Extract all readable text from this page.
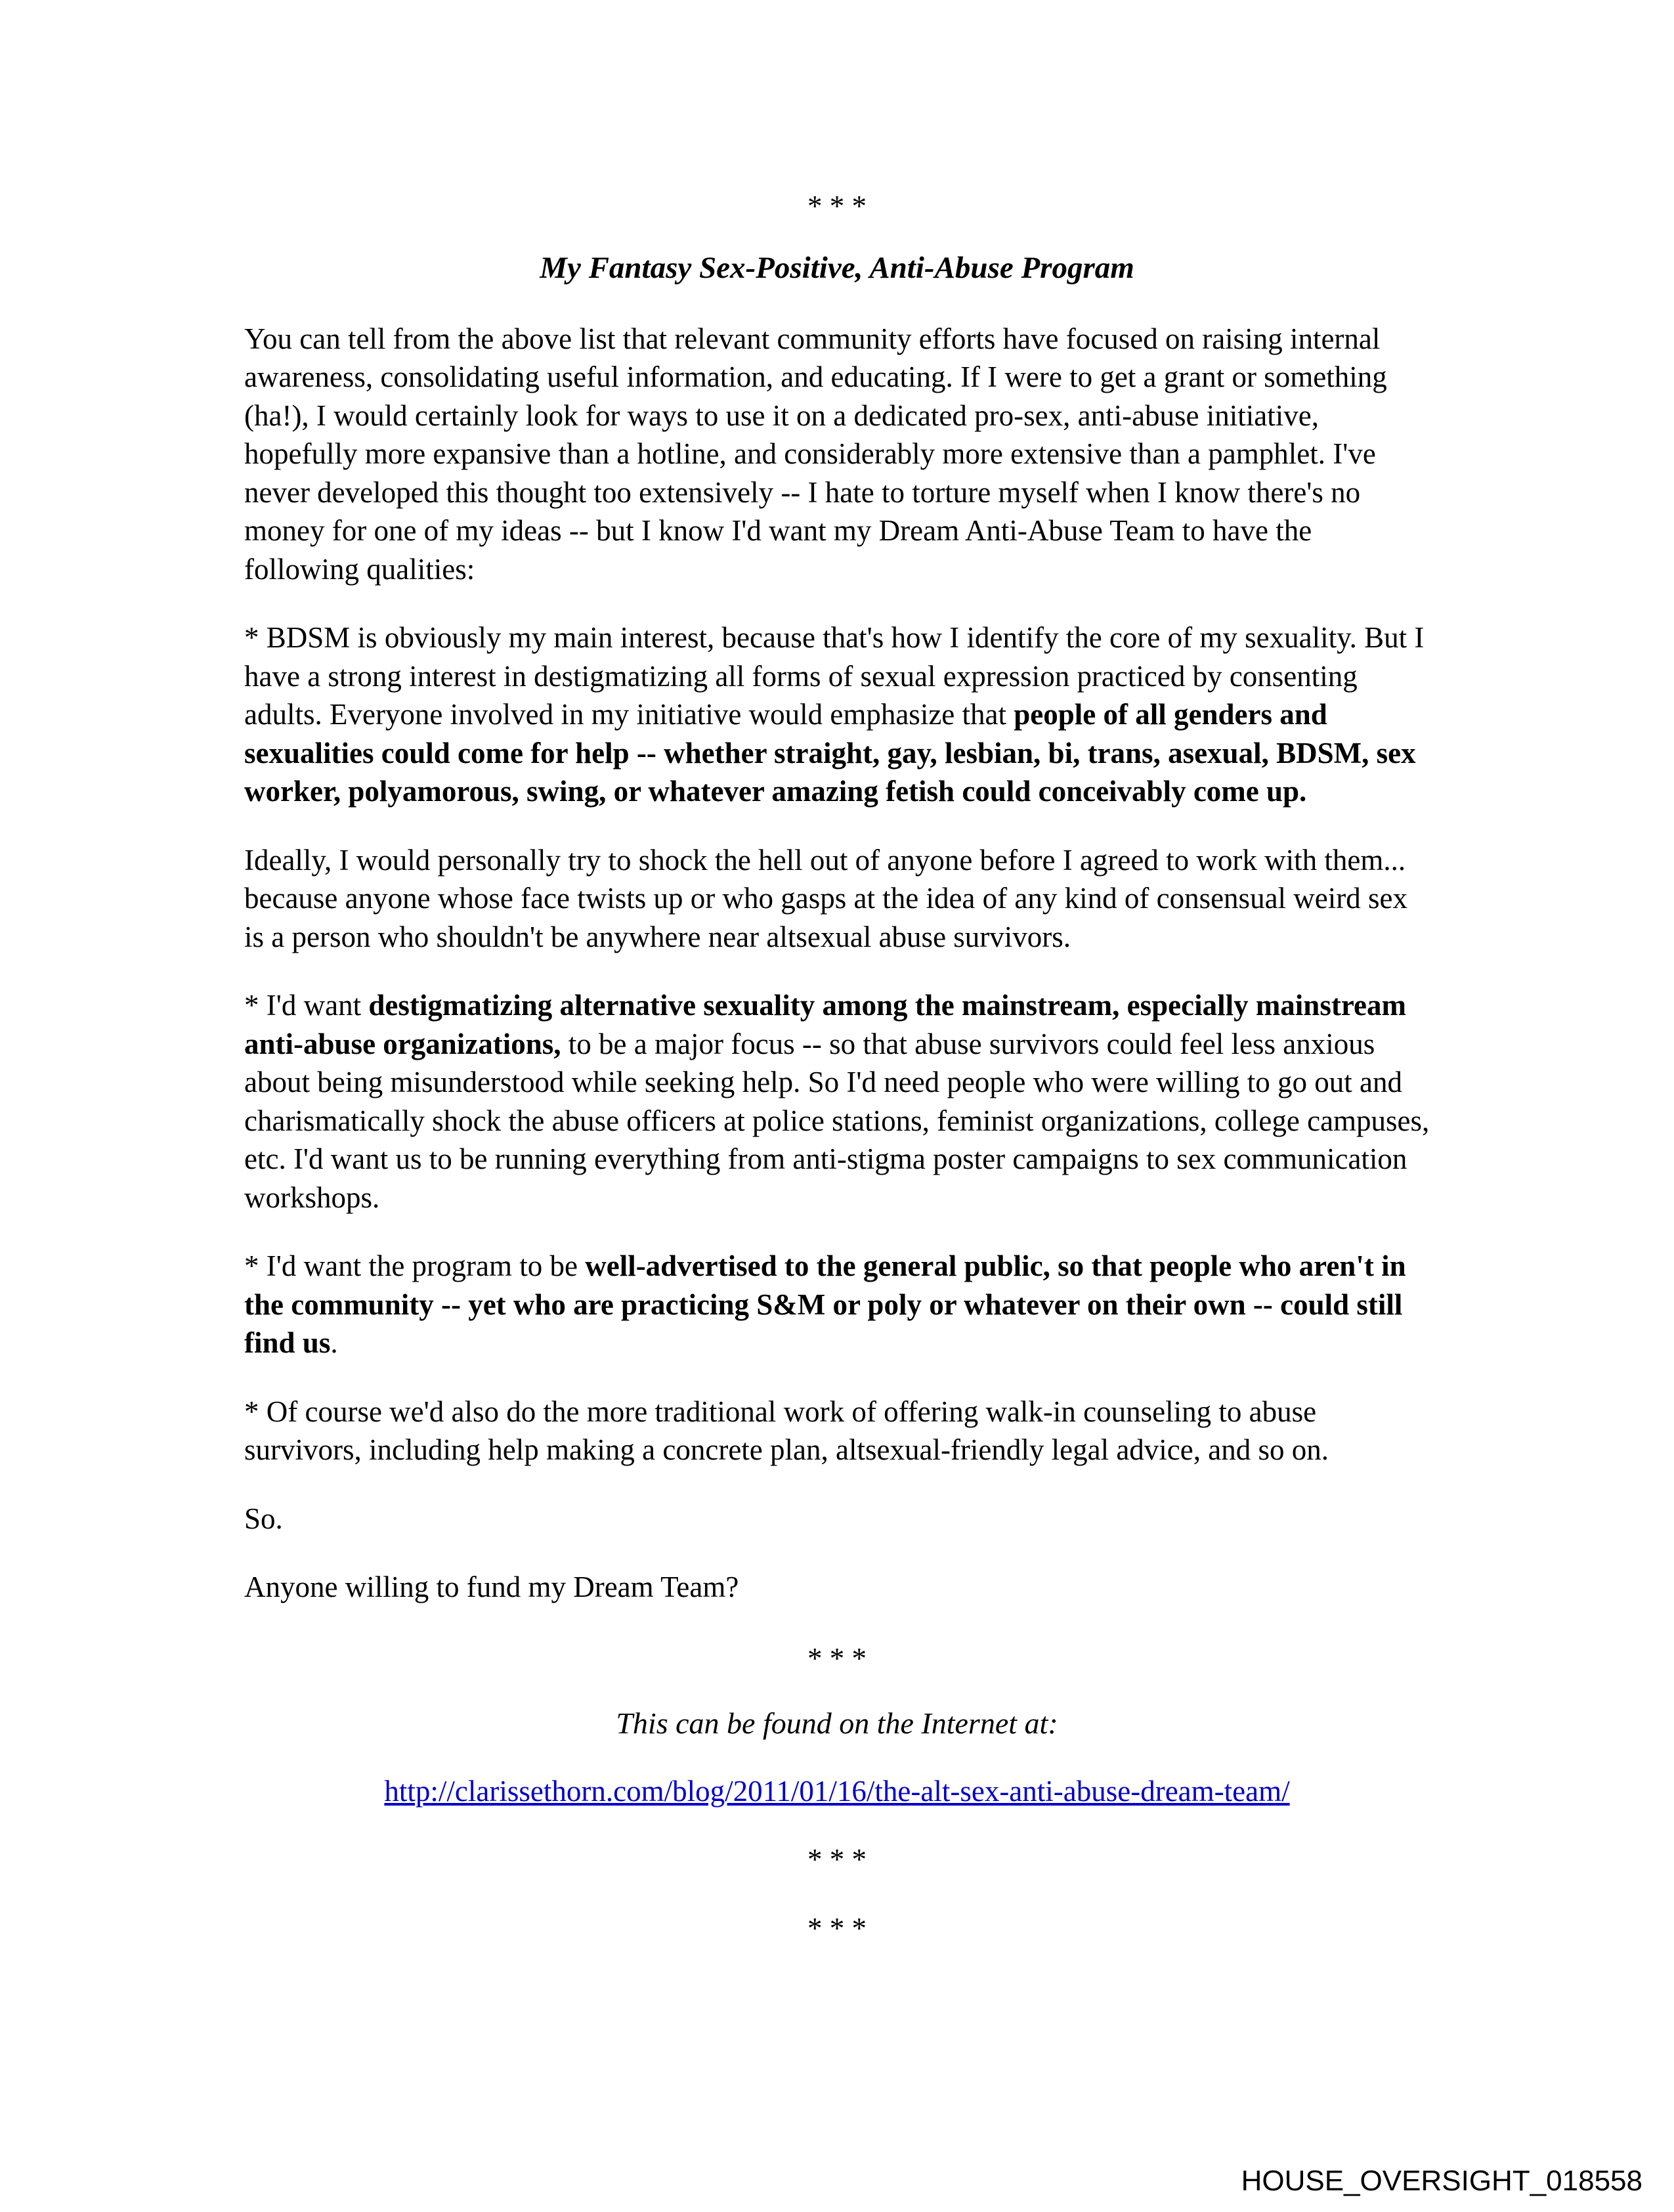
* * *
My Fantasy Sex-Positive, Anti-Abuse Program

You can tell from the above list that relevant community efforts have focused on raising internal awareness, consolidating useful information, and educating. If I were to get a grant or something (ha!), I would certainly look for ways to use it on a dedicated pro-sex, anti-abuse initiative, hopefully more expansive than a hotline, and considerably more extensive than a pamphlet. I've never developed this thought too extensively -- I hate to torture myself when I know there's no money for one of my ideas -- but I know I'd want my Dream Anti-Abuse Team to have the following qualities:

* BDSM is obviously my main interest, because that's how I identify the core of my sexuality. But I have a strong interest in destigmatizing all forms of sexual expression practiced by consenting adults. Everyone involved in my initiative would emphasize that people of all genders and sexualities could come for help -- whether straight, gay, lesbian, bi, trans, asexual, BDSM, sex worker, polyamorous, swing, or whatever amazing fetish could conceivably come up.

Ideally, I would personally try to shock the hell out of anyone before I agreed to work with them... because anyone whose face twists up or who gasps at the idea of any kind of consensual weird sex is a person who shouldn't be anywhere near altsexual abuse survivors.

* I'd want destigmatizing alternative sexuality among the mainstream, especially mainstream anti-abuse organizations, to be a major focus -- so that abuse survivors could feel less anxious about being misunderstood while seeking help. So I'd need people who were willing to go out and charismatically shock the abuse officers at police stations, feminist organizations, college campuses, etc. I'd want us to be running everything from anti-stigma poster campaigns to sex communication workshops.

* I'd want the program to be well-advertised to the general public, so that people who aren't in the community -- yet who are practicing S&M or poly or whatever on their own -- could still find us.

* Of course we'd also do the more traditional work of offering walk-in counseling to abuse survivors, including help making a concrete plan, altsexual-friendly legal advice, and so on.

So.

Anyone willing to fund my Dream Team?

* * *
This can be found on the Internet at:
http://clarissethorn.com/blog/2011/01/16/the-alt-sex-anti-abuse-dream-team/
* * *
* * *
HOUSE_OVERSIGHT_018558
